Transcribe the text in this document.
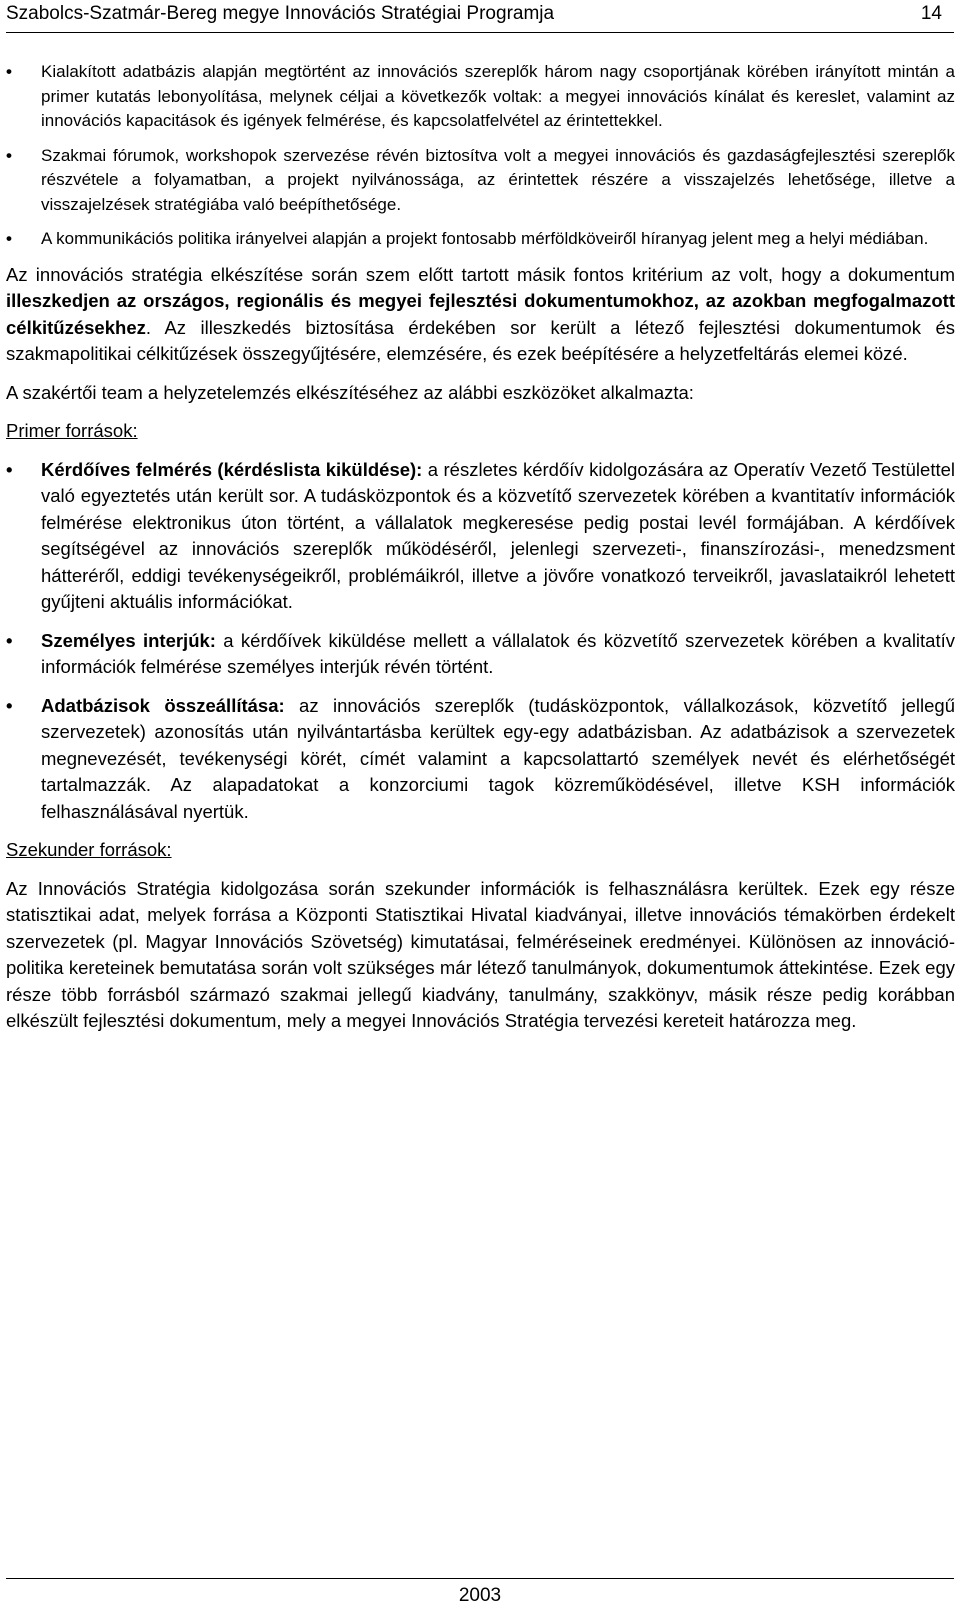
Szabolcs-Szatmár-Bereg megye Innovációs Stratégiai Programja	14
• Kialakított adatbázis alapján megtörtént az innovációs szereplők három nagy csoportjának körében irányított mintán a primer kutatás lebonyolítása, melynek céljai a következők voltak: a megyei innovációs kínálat és kereslet, valamint az innovációs kapacitások és igények felmérése, és kapcsolatfelvétel az érintettekkel.
• Szakmai fórumok, workshopok szervezése révén biztosítva volt a megyei innovációs és gazdaságfejlesztési szereplők részvétele a folyamatban, a projekt nyilvánossága, az érintettek részére a visszajelzés lehetősége, illetve a visszajelzések stratégiába való beépíthetősége.
• A kommunikációs politika irányelvei alapján a projekt fontosabb mérföldköveiről híranyag jelent meg a helyi médiában.

Az innovációs stratégia elkészítése során szem előtt tartott másik fontos kritérium az volt, hogy a dokumentum illeszkedjen az országos, regionális és megyei fejlesztési dokumentumokhoz, az azokban megfogalmazott célkitűzésekhez. Az illeszkedés biztosítása érdekében sor került a létező fejlesztési dokumentumok és szakmapolitikai célkitűzések összegyűjtésére, elemzésére, és ezek beépítésére a helyzetfeltárás elemei közé.

A szakértői team a helyzetelemzés elkészítéséhez az alábbi eszközöket alkalmazta:

Primer források:

• Kérdőíves felmérés (kérdéslista kiküldése): a részletes kérdőív kidolgozására az Operatív Vezető Testülettel való egyeztetés után került sor. A tudásközpontok és a közvetítő szervezetek körében a kvantitatív információk felmérése elektronikus úton történt, a vállalatok megkeresése pedig postai levél formájában. A kérdőívek segítségével az innovációs szereplők működéséről, jelenlegi szervezeti-, finanszírozási-, menedzsment hátteréről, eddigi tevékenységeikről, problémáikról, illetve a jövőre vonatkozó terveikről, javaslataikról lehetett gyűjteni aktuális információkat.
• Személyes interjúk: a kérdőívek kiküldése mellett a vállalatok és közvetítő szervezetek körében a kvalitatív információk felmérése személyes interjúk révén történt.
• Adatbázisok összeállítása: az innovációs szereplők (tudásközpontok, vállalkozások, közvetítő jellegű szervezetek) azonosítás után nyilvántartásba kerültek egy-egy adatbázisban. Az adatbázisok a szervezetek megnevezését, tevékenységi körét, címét valamint a kapcsolattartó személyek nevét és elérhetőségét tartalmazzák. Az alapadatokat a konzorciumi tagok közreműködésével, illetve KSH információk felhasználásával nyertük.

Szekunder források:

Az Innovációs Stratégia kidolgozása során szekunder információk is felhasználásra kerültek. Ezek egy része statisztikai adat, melyek forrása a Központi Statisztikai Hivatal kiadványai, illetve innovációs témakörben érdekelt szervezetek (pl. Magyar Innovációs Szövetség) kimutatásai, felméréseinek eredményei. Különösen az innováció-politika kereteinek bemutatása során volt szükséges már létező tanulmányok, dokumentumok áttekintése. Ezek egy része több forrásból származó szakmai jellegű kiadvány, tanulmány, szakkönyv, másik része pedig korábban elkészült fejlesztési dokumentum, mely a megyei Innovációs Stratégia tervezési kereteit határozza meg.

2003
